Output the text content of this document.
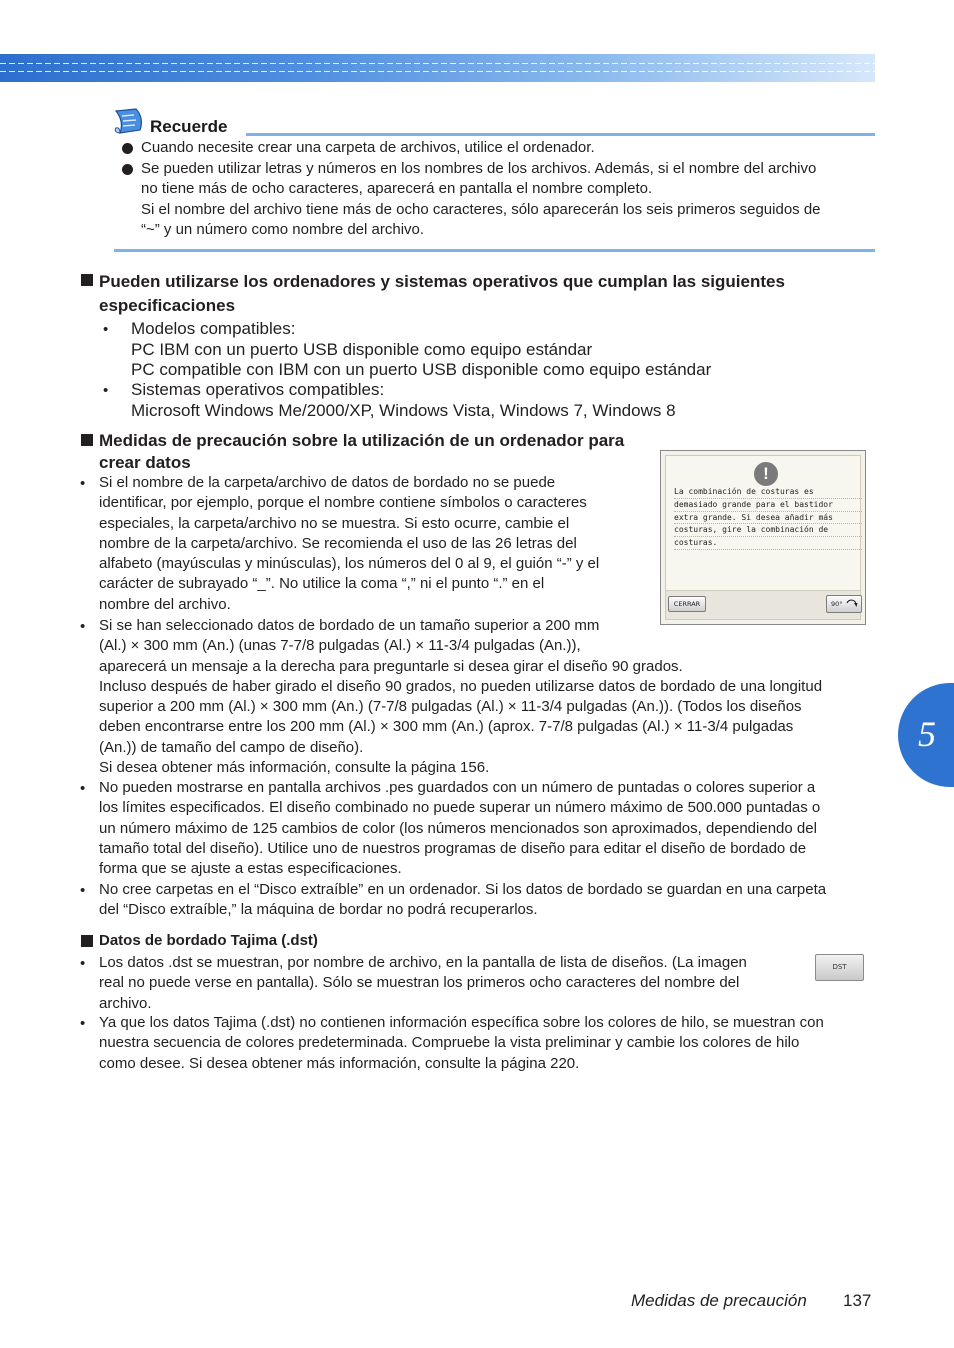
Recuerde
Cuando necesite crear una carpeta de archivos, utilice el ordenador.

Se pueden utilizar letras y números en los nombres de los archivos. Además, si el nombre del archivo

no tiene más de ocho caracteres, aparecerá en pantalla el nombre completo.

Si el nombre del archivo tiene más de ocho caracteres, sólo aparecerán los seis primeros seguidos de

“~” y un número como nombre del archivo.

Pueden utilizarse los ordenadores y sistemas operativos que cumplan las siguientes

especificaciones

• Modelos compatibles:

PC IBM con un puerto USB disponible como equipo estándar

PC compatible con IBM con un puerto USB disponible como equipo estándar

• Sistemas operativos compatibles:

Microsoft Windows Me/2000/XP, Windows Vista, Windows 7, Windows 8

Medidas de precaución sobre la utilización de un ordenador para

crear datos

• Si el nombre de la carpeta/archivo de datos de bordado no se puede

identificar, por ejemplo, porque el nombre contiene símbolos o caracteres

especiales, la carpeta/archivo no se muestra. Si esto ocurre, cambie el

nombre de la carpeta/archivo. Se recomienda el uso de las 26 letras del

alfabeto (mayúsculas y minúsculas), los números del 0 al 9, el guión “-” y el

carácter de subrayado “_”. No utilice la coma “,” ni el punto “.” en el

nombre del archivo.

• Si se han seleccionado datos de bordado de un tamaño superior a 200 mm

(Al.) × 300 mm (An.) (unas 7-7/8 pulgadas (Al.) × 11-3/4 pulgadas (An.)),

aparecerá un mensaje a la derecha para preguntarle si desea girar el diseño 90 grados.

Incluso después de haber girado el diseño 90 grados, no pueden utilizarse datos de bordado de una longitud

superior a 200 mm (Al.) × 300 mm (An.) (7-7/8 pulgadas (Al.) × 11-3/4 pulgadas (An.)). (Todos los diseños

deben encontrarse entre los 200 mm (Al.) × 300 mm (An.) (aprox. 7-7/8 pulgadas (Al.) × 11-3/4 pulgadas

(An.)) de tamaño del campo de diseño).

Si desea obtener más información, consulte la página 156.

• No pueden mostrarse en pantalla archivos .pes guardados con un número de puntadas o colores superior a

los límites especificados. El diseño combinado no puede superar un número máximo de 500.000 puntadas o

un número máximo de 125 cambios de color (los números mencionados son aproximados, dependiendo del

tamaño total del diseño). Utilice uno de nuestros programas de diseño para editar el diseño de bordado de

forma que se ajuste a estas especificaciones.

• No cree carpetas en el “Disco extraíble” en un ordenador. Si los datos de bordado se guardan en una carpeta

del “Disco extraíble,” la máquina de bordar no podrá recuperarlos.

!
La combinación de costuras es
demasiado grande para el bastidor
extra grande. Si desea añadir más
costuras, gire la combinación de
costuras.
CERRAR	90°
Datos de bordado Tajima (.dst)
DST
• Los datos .dst se muestran, por nombre de archivo, en la pantalla de lista de diseños. (La imagen

real no puede verse en pantalla). Sólo se muestran los primeros ocho caracteres del nombre del

archivo.

• Ya que los datos Tajima (.dst) no contienen información específica sobre los colores de hilo, se muestran con

nuestra secuencia de colores predeterminada. Compruebe la vista preliminar y cambie los colores de hilo

como desee. Si desea obtener más información, consulte la página 220.

5
Medidas de precaución 137
